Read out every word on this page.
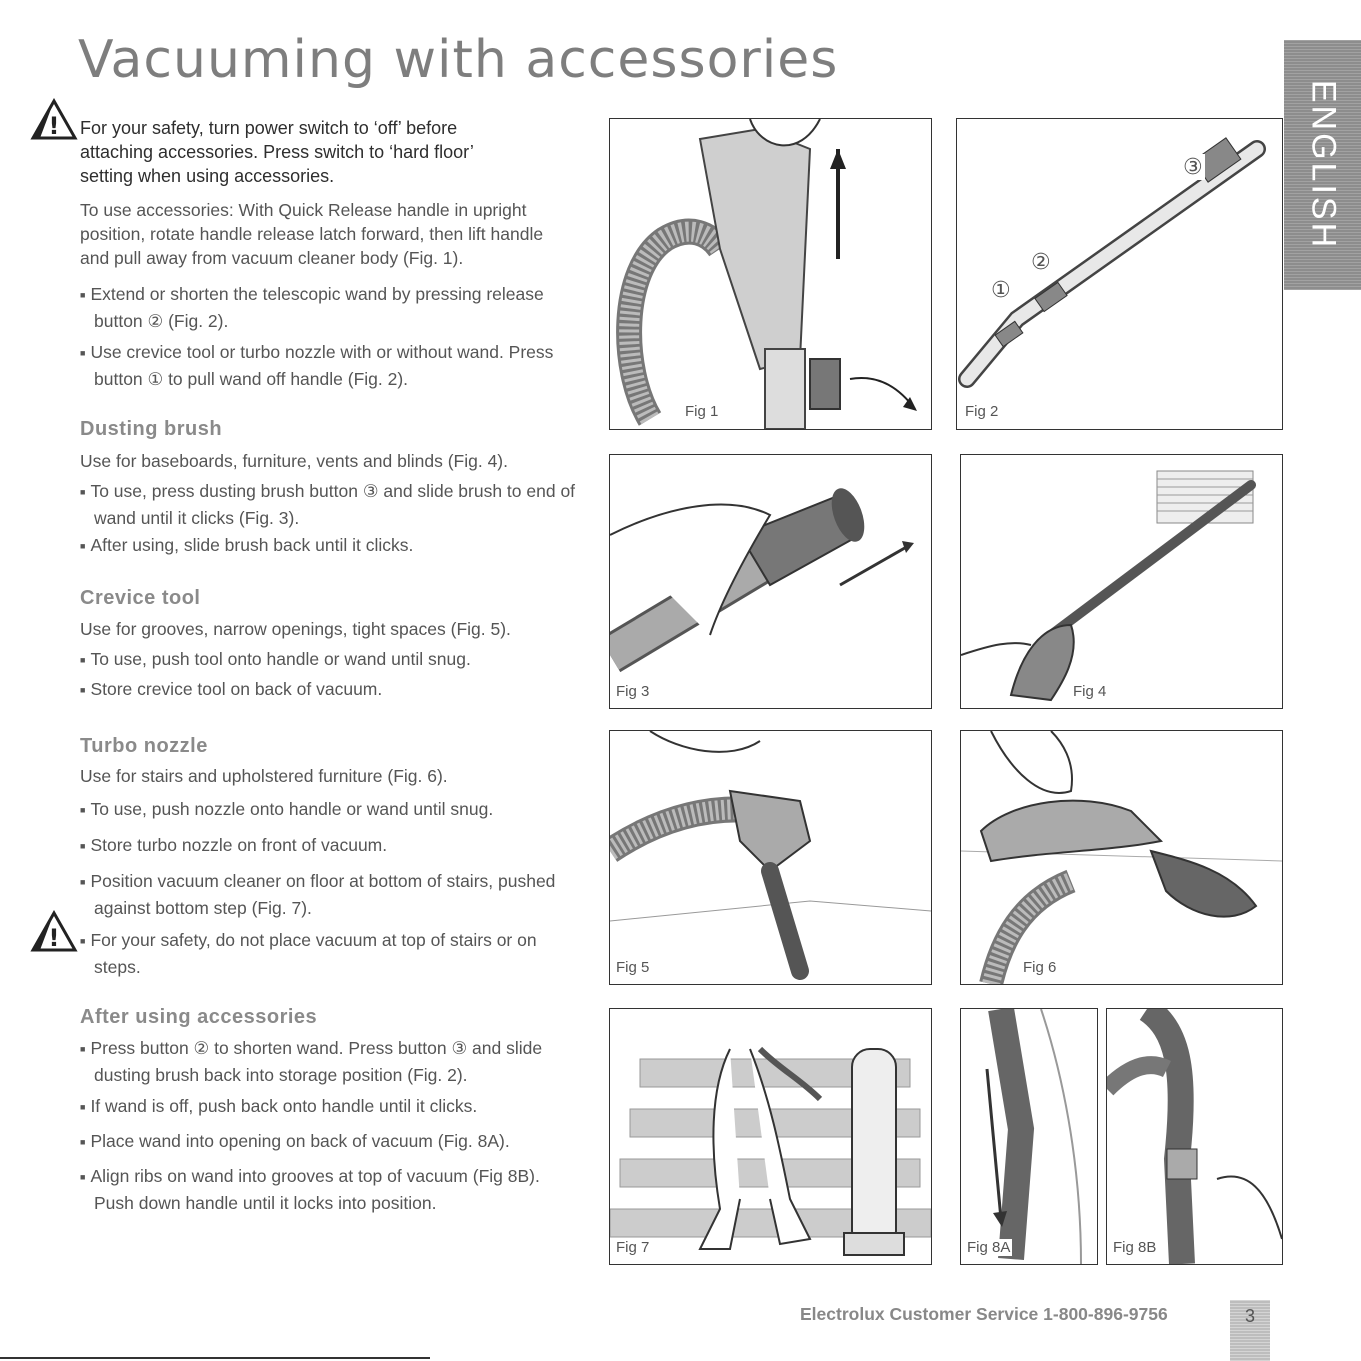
Vacuuming with accessories
ENGLISH
! For your safety, turn power switch to ‘off’ before attaching accessories. Press switch to ‘hard floor’ setting when using accessories.

To use accessories: With Quick Release handle in upright position, rotate handle release latch forward, then lift handle and pull away from vacuum cleaner body (Fig. 1).

■ Extend or shorten the telescopic wand by pressing release button ② (Fig. 2).

■ Use crevice tool or turbo nozzle with or without wand. Press button ① to pull wand off handle (Fig. 2).

Dusting brush

Use for baseboards, furniture, vents and blinds (Fig. 4).

■ To use, press dusting brush button ③ and slide brush to end of wand until it clicks (Fig. 3).

■ After using, slide brush back until it clicks.

Crevice tool

Use for grooves, narrow openings, tight spaces (Fig. 5).

■ To use, push tool onto handle or wand until snug.

■ Store crevice tool on back of vacuum.

Turbo nozzle

Use for stairs and upholstered furniture (Fig. 6).

■ To use, push nozzle onto handle or wand until snug.

■ Store turbo nozzle on front of vacuum.

■ Position vacuum cleaner on floor at bottom of stairs, pushed against bottom step (Fig. 7).

■ For your safety, do not place vacuum at top of stairs or on steps.

!
After using accessories

■ Press button ② to shorten wand. Press button ③ and slide dusting brush back into storage position (Fig. 2).

■ If wand is off, push back onto handle until it clicks.

■ Place wand into opening on back of vacuum (Fig. 8A).

■ Align ribs on wand into grooves at top of vacuum (Fig 8B). Push down handle until it locks into position.

Fig 1
③
②
①
Fig 2
Fig 3	Fig 4
Fig 5	Fig 6
Fig 7	Fig 8A	Fig 8B
Electrolux Customer Service 1-800-896-9756	3
